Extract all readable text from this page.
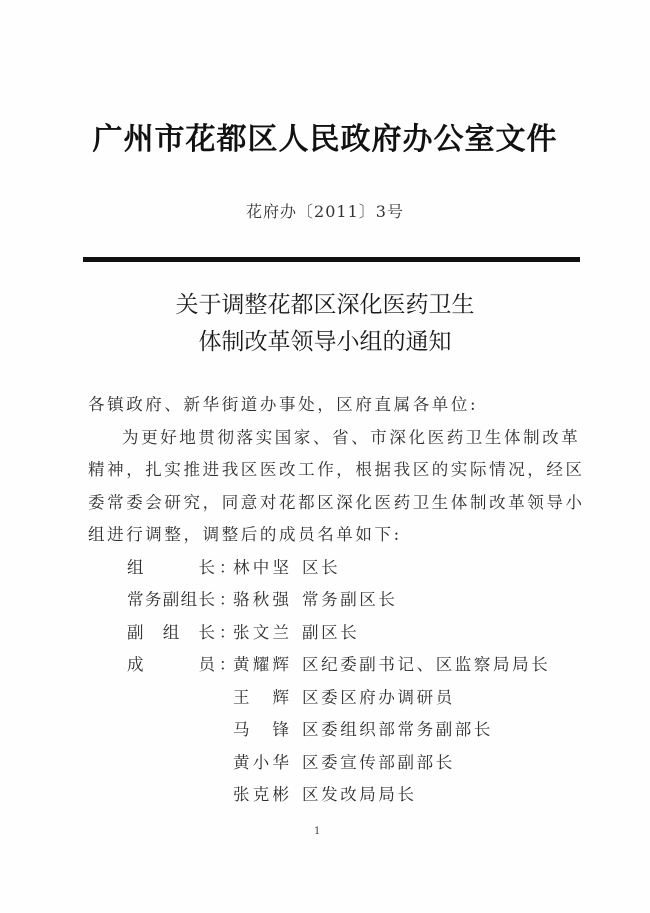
广州市花都区人民政府办公室文件
花府办〔2011〕3号
关于调整花都区深化医药卫生
体制改革领导小组的通知
各镇政府、新华街道办事处，区府直属各单位:
为更好地贯彻落实国家、省、市深化医药卫生体制改革
精神，扎实推进我区医改工作，根据我区的实际情况，经区
委常委会研究，同意对花都区深化医药卫生体制改革领导小
组进行调整，调整后的成员名单如下:
组	长 ：
林 中 坚 区长
常 务 副 组 长 ：
骆 秋 强 常务副区长
副 组 长 ：
张 文 兰 副区长
成	员 ：
黄 耀 辉 区纪委副书记、区监察局局长
王 辉 区委区府办调研员
马 锋 区委组织部常务副部长
黄 小 华 区委宣传部副部长
张 克 彬 区发改局局长
1
